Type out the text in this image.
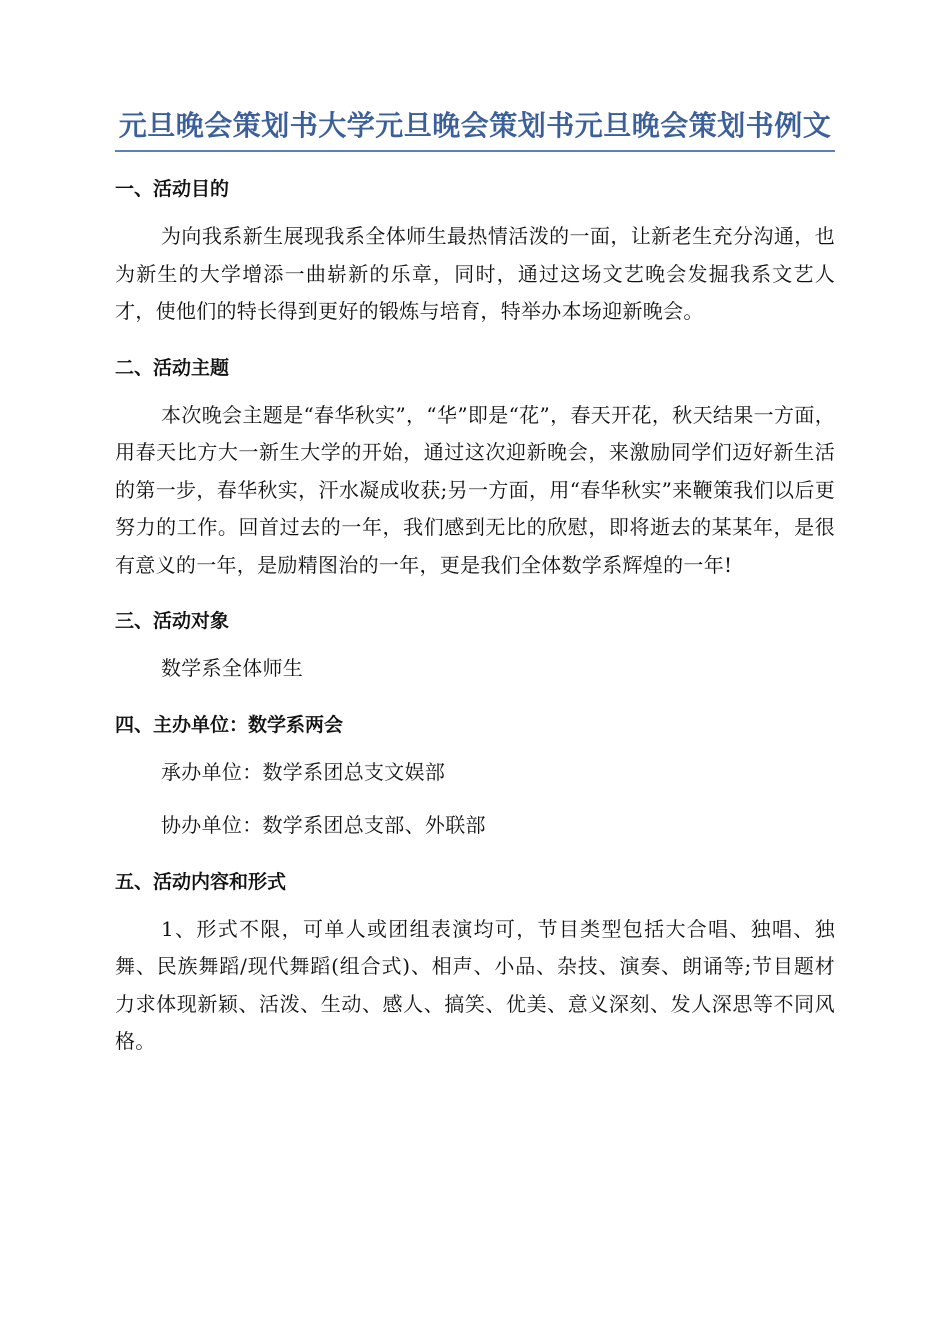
元旦晚会策划书大学元旦晚会策划书元旦晚会策划书例文
一、活动目的

为向我系新生展现我系全体师生最热情活泼的一面，让新老生充分沟通，也为新生的大学增添一曲崭新的乐章，同时，通过这场文艺晚会发掘我系文艺人才，使他们的特长得到更好的锻炼与培育，特举办本场迎新晚会。

二、活动主题

本次晚会主题是“春华秋实”，“华”即是“花”，春天开花，秋天结果一方面，用春天比方大一新生大学的开始，通过这次迎新晚会，来激励同学们迈好新生活的第一步，春华秋实，汗水凝成收获;另一方面，用“春华秋实”来鞭策我们以后更努力的工作。回首过去的一年，我们感到无比的欣慰，即将逝去的某某年，是很有意义的一年，是励精图治的一年，更是我们全体数学系辉煌的一年!

三、活动对象

数学系全体师生

四、主办单位：数学系两会

承办单位：数学系团总支文娱部

协办单位：数学系团总支部、外联部

五、活动内容和形式

1、形式不限，可单人或团组表演均可，节目类型包括大合唱、独唱、独舞、民族舞蹈/现代舞蹈(组合式)、相声、小品、杂技、演奏、朗诵等;节目题材力求体现新颖、活泼、生动、感人、搞笑、优美、意义深刻、发人深思等不同风格。
